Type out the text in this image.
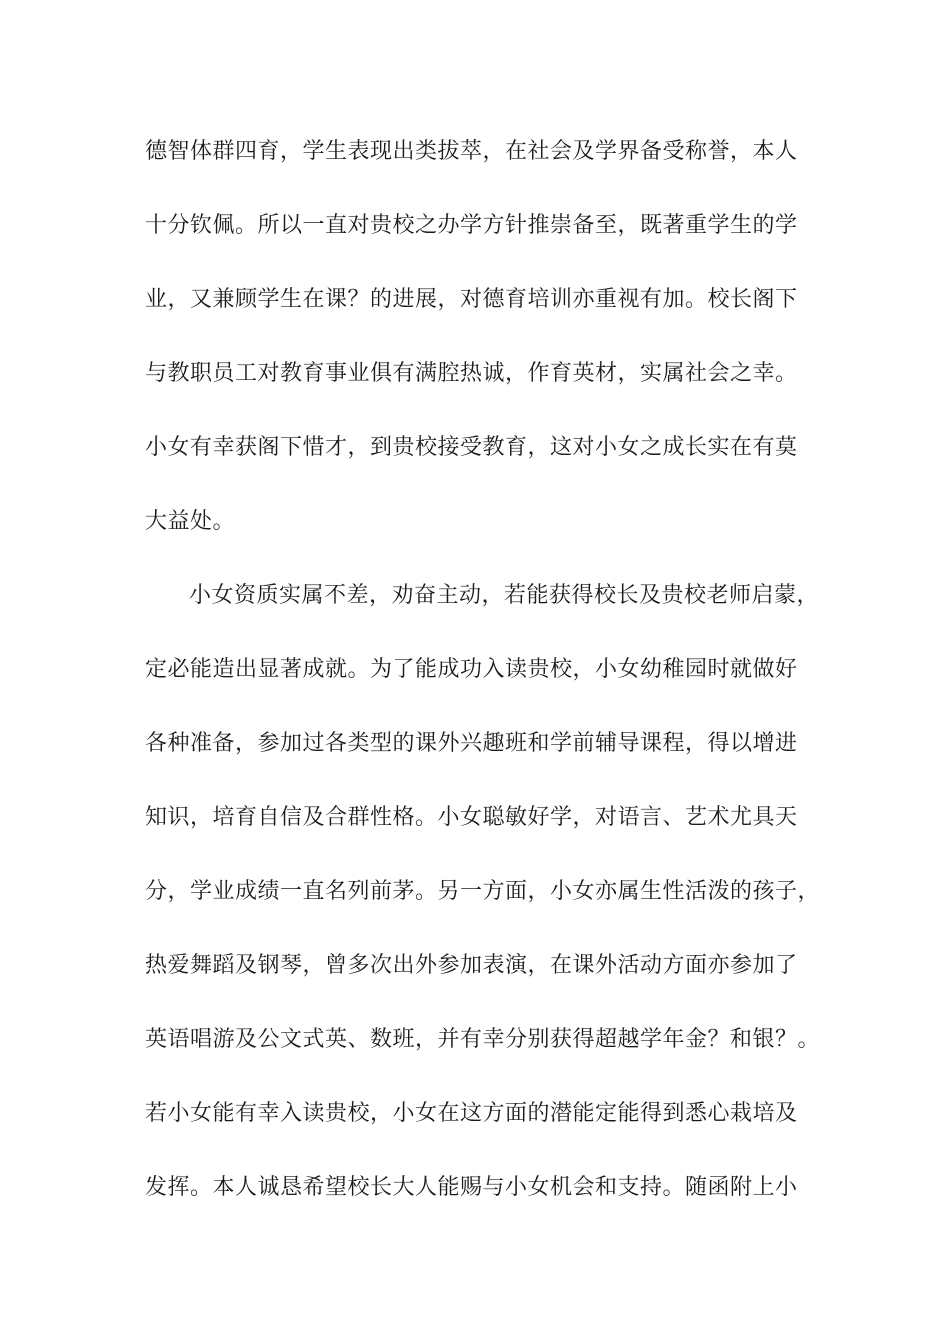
德智体群四育，学生表现出类拔萃，在社会及学界备受称誉，本人
十分钦佩。所以一直对贵校之办学方针推崇备至，既著重学生的学
业，又兼顾学生在课？的进展，对德育培训亦重视有加。校长阁下
与教职员工对教育事业俱有满腔热诚，作育英材，实属社会之幸。
小女有幸获阁下惜才，到贵校接受教育，这对小女之成长实在有莫
大益处。
小女资质实属不差，劝奋主动，若能获得校长及贵校老师启蒙，
定必能造出显著成就。为了能成功入读贵校，小女幼稚园时就做好
各种准备，参加过各类型的课外兴趣班和学前辅导课程，得以增进
知识，培育自信及合群性格。小女聪敏好学，对语言、艺术尤具天
分，学业成绩一直名列前茅。另一方面，小女亦属生性活泼的孩子，
热爱舞蹈及钢琴，曾多次出外参加表演，在课外活动方面亦参加了
英语唱游及公文式英、数班，并有幸分别获得超越学年金？和银？。
若小女能有幸入读贵校，小女在这方面的潜能定能得到悉心栽培及
发挥。本人诚恳希望校长大人能赐与小女机会和支持。随函附上小
